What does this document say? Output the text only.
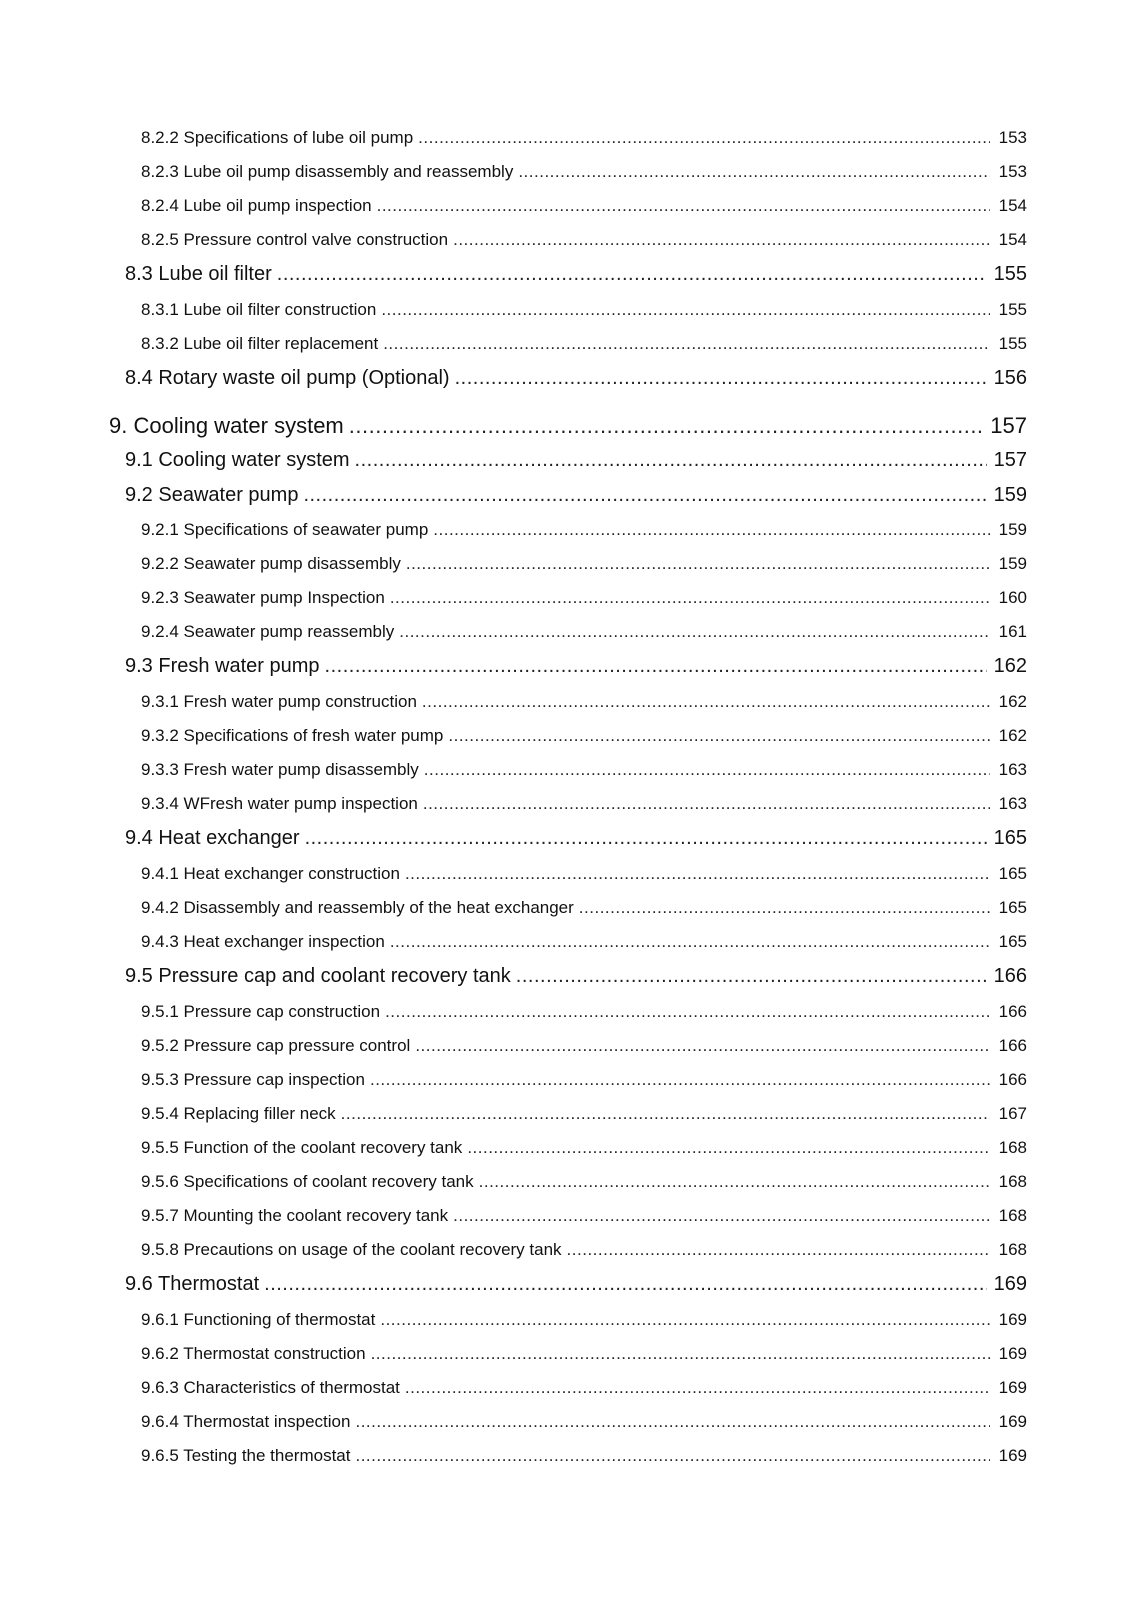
8.2.2 Specifications of lube oil pump .....	153
8.2.3 Lube oil pump disassembly and reassembly .....	153
8.2.4 Lube oil pump inspection .....	154
8.2.5 Pressure control valve construction .....	154
8.3 Lube oil filter .....	155
8.3.1 Lube oil filter construction .....	155
8.3.2 Lube oil filter replacement .....	155
8.4 Rotary waste oil pump (Optional) .....	156
9. Cooling water system .....	157
9.1 Cooling water system .....	157
9.2 Seawater pump .....	159
9.2.1 Specifications of seawater pump .....	159
9.2.2 Seawater pump disassembly .....	159
9.2.3 Seawater pump Inspection .....	160
9.2.4 Seawater pump reassembly .....	161
9.3 Fresh water pump .....	162
9.3.1 Fresh water pump construction .....	162
9.3.2 Specifications of fresh water pump .....	162
9.3.3 Fresh water pump disassembly .....	163
9.3.4 WFresh water pump inspection .....	163
9.4 Heat exchanger .....	165
9.4.1 Heat exchanger construction .....	165
9.4.2 Disassembly and reassembly of the heat exchanger .....	165
9.4.3 Heat exchanger inspection .....	165
9.5 Pressure cap and coolant recovery tank .....	166
9.5.1 Pressure cap construction .....	166
9.5.2 Pressure cap pressure control .....	166
9.5.3 Pressure cap inspection .....	166
9.5.4 Replacing filler neck .....	167
9.5.5 Function of the coolant recovery tank .....	168
9.5.6 Specifications of coolant recovery tank .....	168
9.5.7 Mounting the coolant recovery tank .....	168
9.5.8 Precautions on usage of the coolant recovery tank .....	168
9.6 Thermostat .....	169
9.6.1 Functioning of thermostat .....	169
9.6.2 Thermostat construction .....	169
9.6.3 Characteristics of thermostat .....	169
9.6.4 Thermostat inspection .....	169
9.6.5 Testing the thermostat .....	169
